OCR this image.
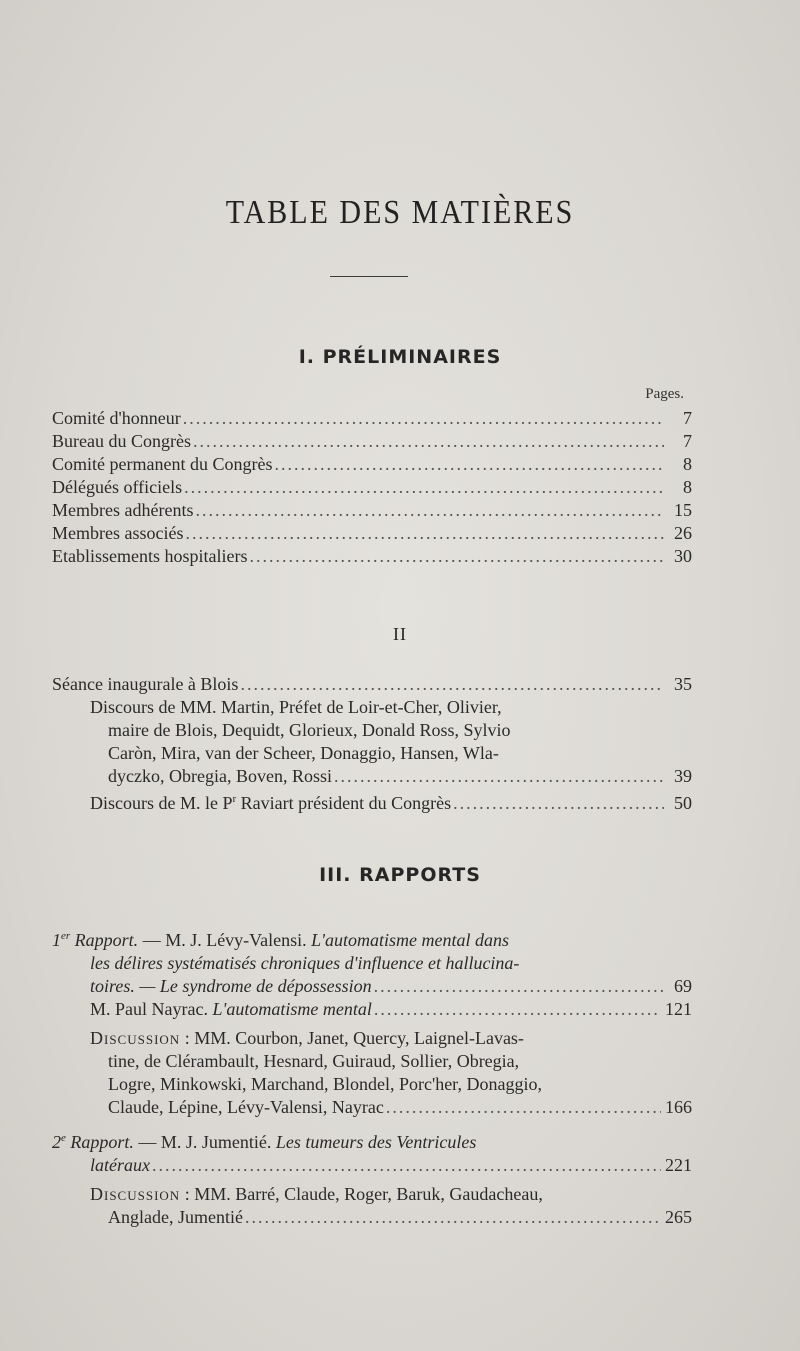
TABLE DES MATIÈRES
I. PRÉLIMINAIRES
Pages.
Comité d'honneur .....	7
Bureau du Congrès .....	7
Comité permanent du Congrès .....	8
Délégués officiels .....	8
Membres adhérents .....	15
Membres associés .....	26
Etablissements hospitaliers .....	30
II
Séance inaugurale à Blois .....	35
Discours de MM. Martin, Préfet de Loir-et-Cher, Olivier,
maire de Blois, Dequidt, Glorieux, Donald Ross, Sylvio
Caròn, Mira, van der Scheer, Donaggio, Hansen, Wla-
dyczko, Obregia, Boven, Rossi .....	39
Discours de M. le $P^r$ Raviart président du Congrès .....	50
III. RAPPORTS
1er Rapport. — M. J. Lévy-Valensi. L'automatisme mental dans
les délires systématisés chroniques d'influence et hallucina-
toires. — Le syndrome de dépossession .....	69
M. Paul Nayrac. L'automatisme mental .....	121
Discussion : MM. Courbon, Janet, Quercy, Laignel-Lavas-
tine, de Clérambault, Hesnard, Guiraud, Sollier, Obregia,
Logre, Minkowski, Marchand, Blondel, Porc'her, Donaggio,
Claude, Lépine, Lévy-Valensi, Nayrac .....	166
2e Rapport. — M. J. Jumentié. Les tumeurs des Ventricules
latéraux .....	221
Discussion : MM. Barré, Claude, Roger, Baruk, Gaudacheau,
Anglade, Jumentié .....	265
